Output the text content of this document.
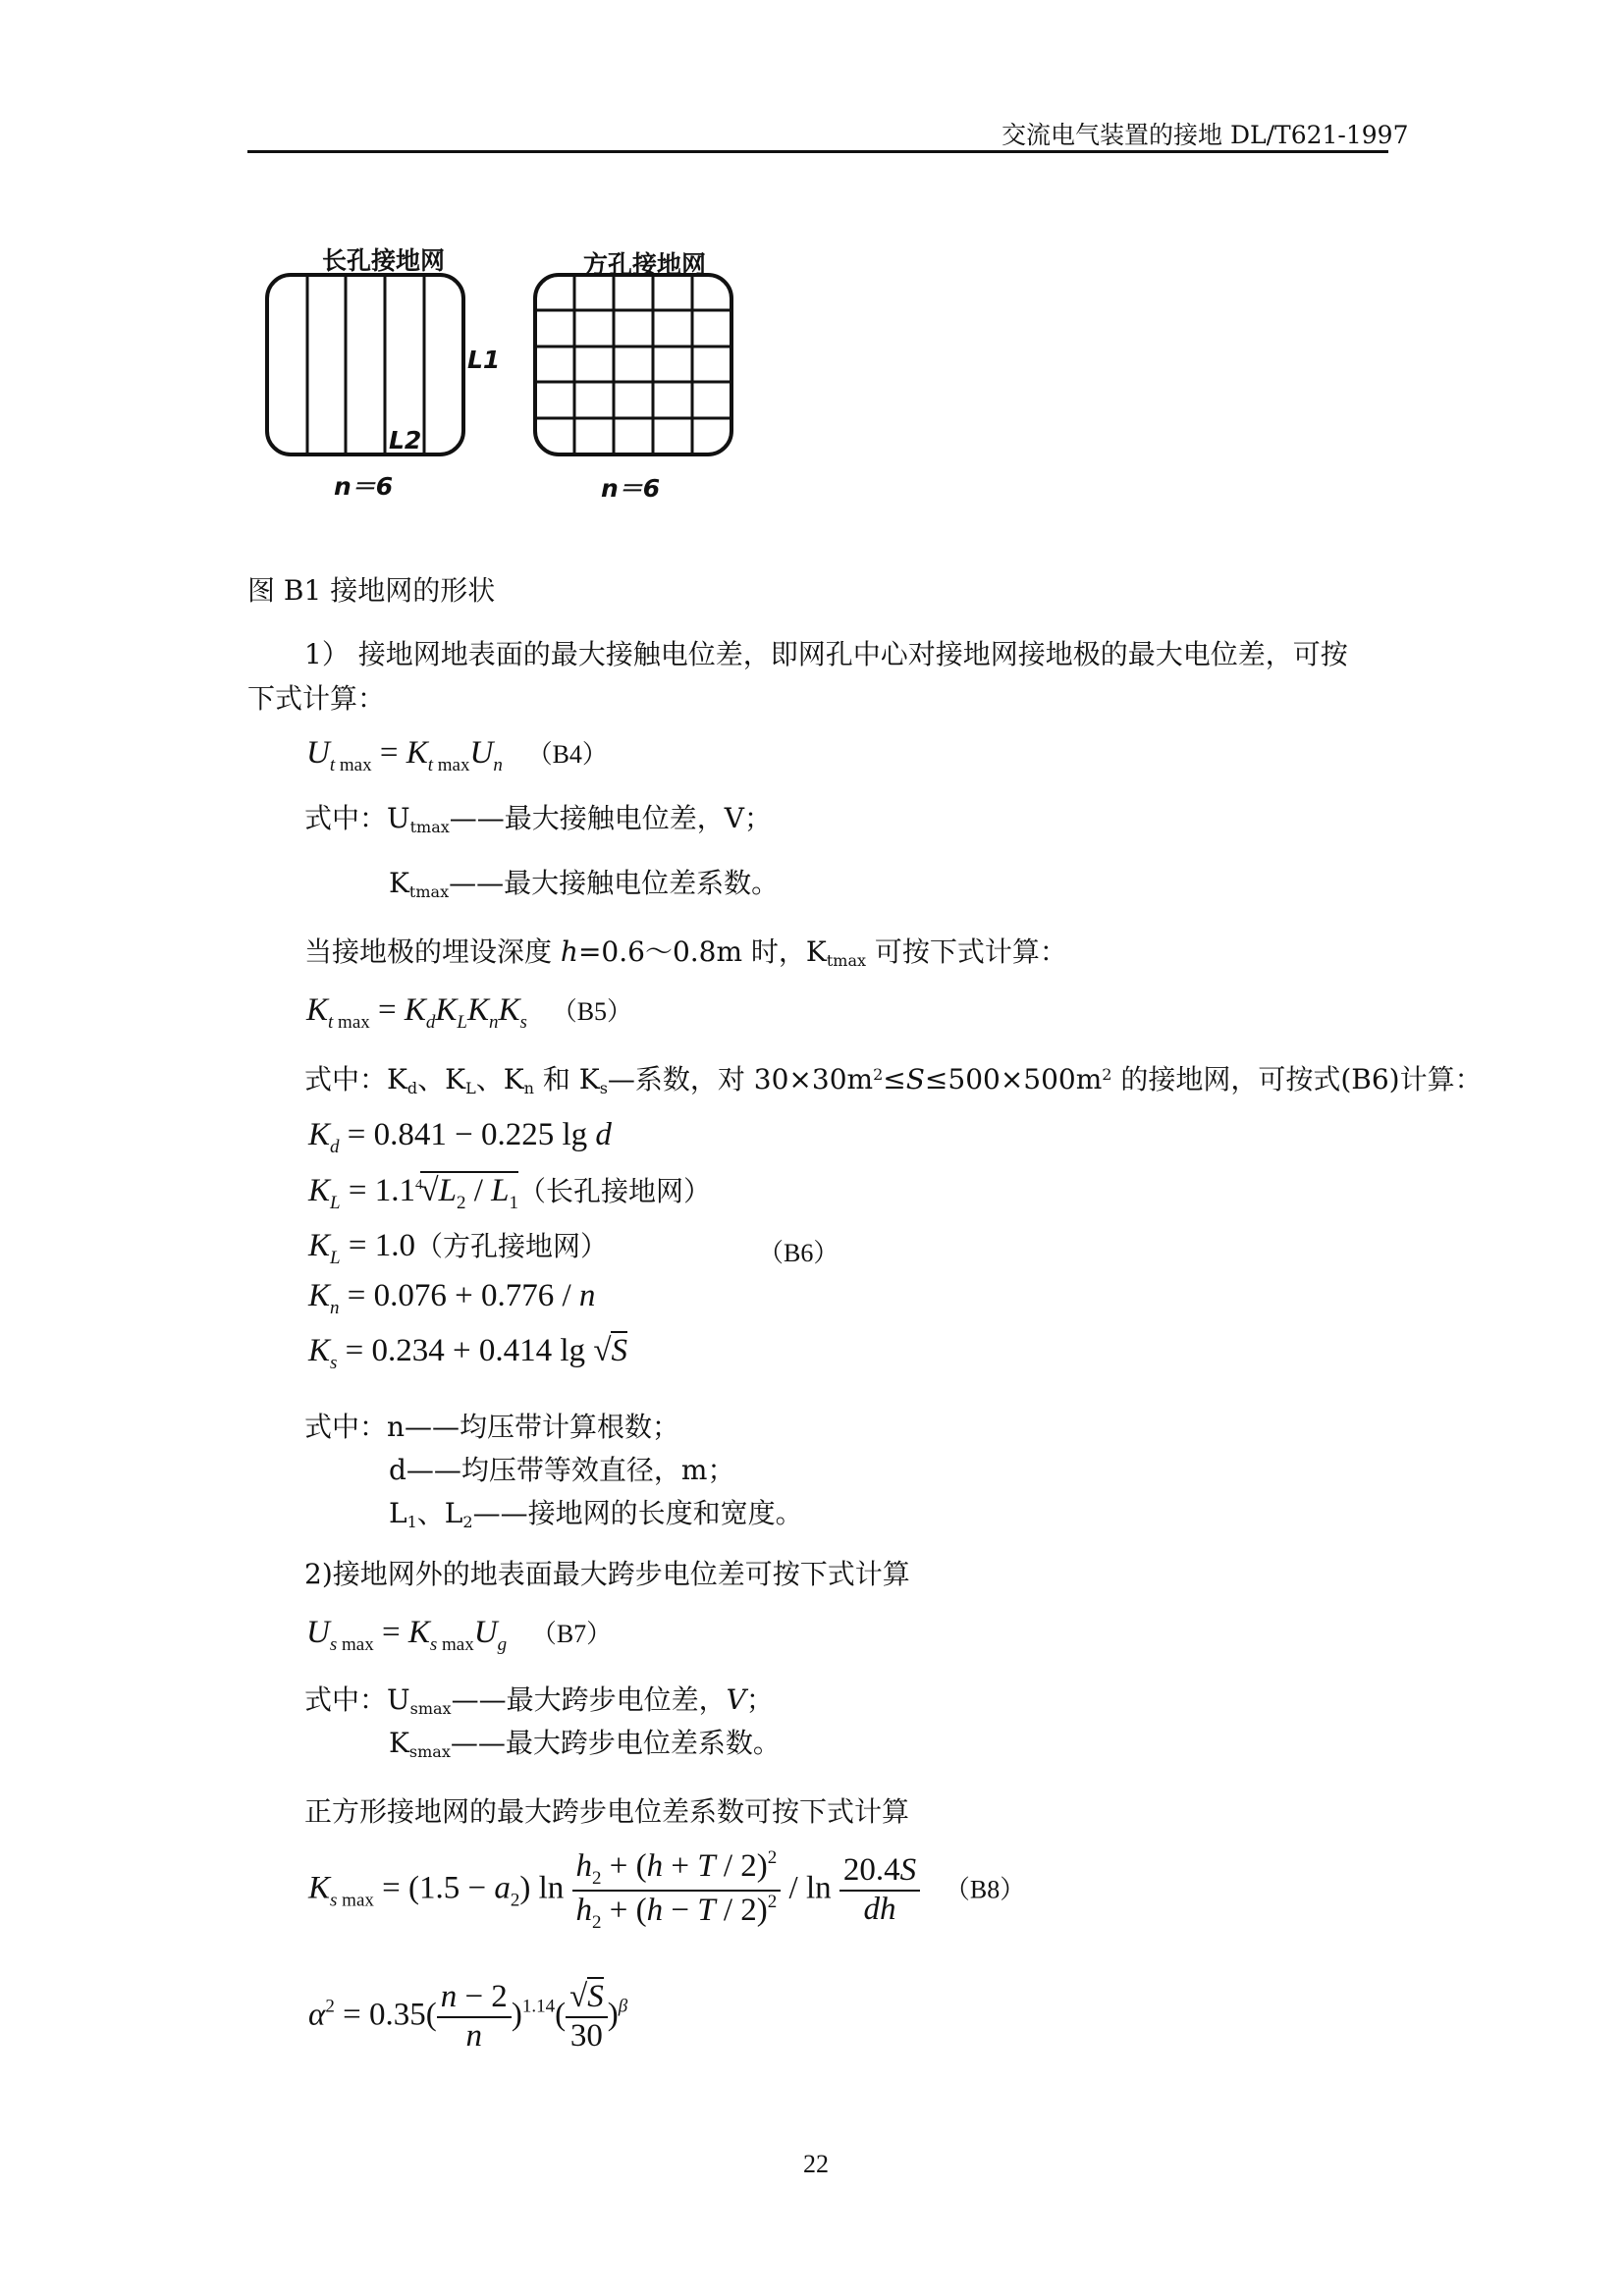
交流电气装置的接地 DL/T621-1997
长孔接地网	方孔接地网
L1
L2
n＝6	n＝6
图 B1 接地网的形状
1） 接地网地表面的最大接触电位差，即网孔中心对接地网接地极的最大电位差，可按
下式计算：
$U_{t max} = K_{t max}U_n$ （B4）
式中：Utmax——最大接触电位差，V；
Ktmax——最大接触电位差系数。
当接地极的埋设深度 h=0.6～0.8m 时，Ktmax 可按下式计算：
$K_{t max} = K_dK_LK_nK_s$ （B5）
式中：Kd、KL、Kn 和 Ks—系数，对 $30\times 30m^2\le S\le 500\times 500m^2$ 的接地网，可按式(B6)计算：
$K_d = 0.841 - 0.225$ lg d
$K_L = 1.1^4√L_2 / L_1$（长孔接地网）
$K_L = 1.0$（方孔接地网）	（B6）
$K_n = 0.076 + 0.776 / n$
$K_s = 0.234 + 0.414$ lg √S
式中：n——均压带计算根数；
d——均压带等效直径，m；
L1、L2——接地网的长度和宽度。
2)接地网外的地表面最大跨步电位差可按下式计算
$U_{s max} = K_{s max}U_g$ （B7）
式中：Usmax——最大跨步电位差，V；
Ksmax——最大跨步电位差系数。
正方形接地网的最大跨步电位差系数可按下式计算
$K_{s max} = (1.5 - a_2)$ $\ln \frac{h_2 + (h + T / 2)^2}{h_2 + (h - T / 2)^2}$ / $\ln \frac{20.4S}{dh} (B8)$
$\alpha^2 = 0.35( \frac{n - 2}{n} )^{1.14}( \frac{√S}{30} )^\beta$
22
